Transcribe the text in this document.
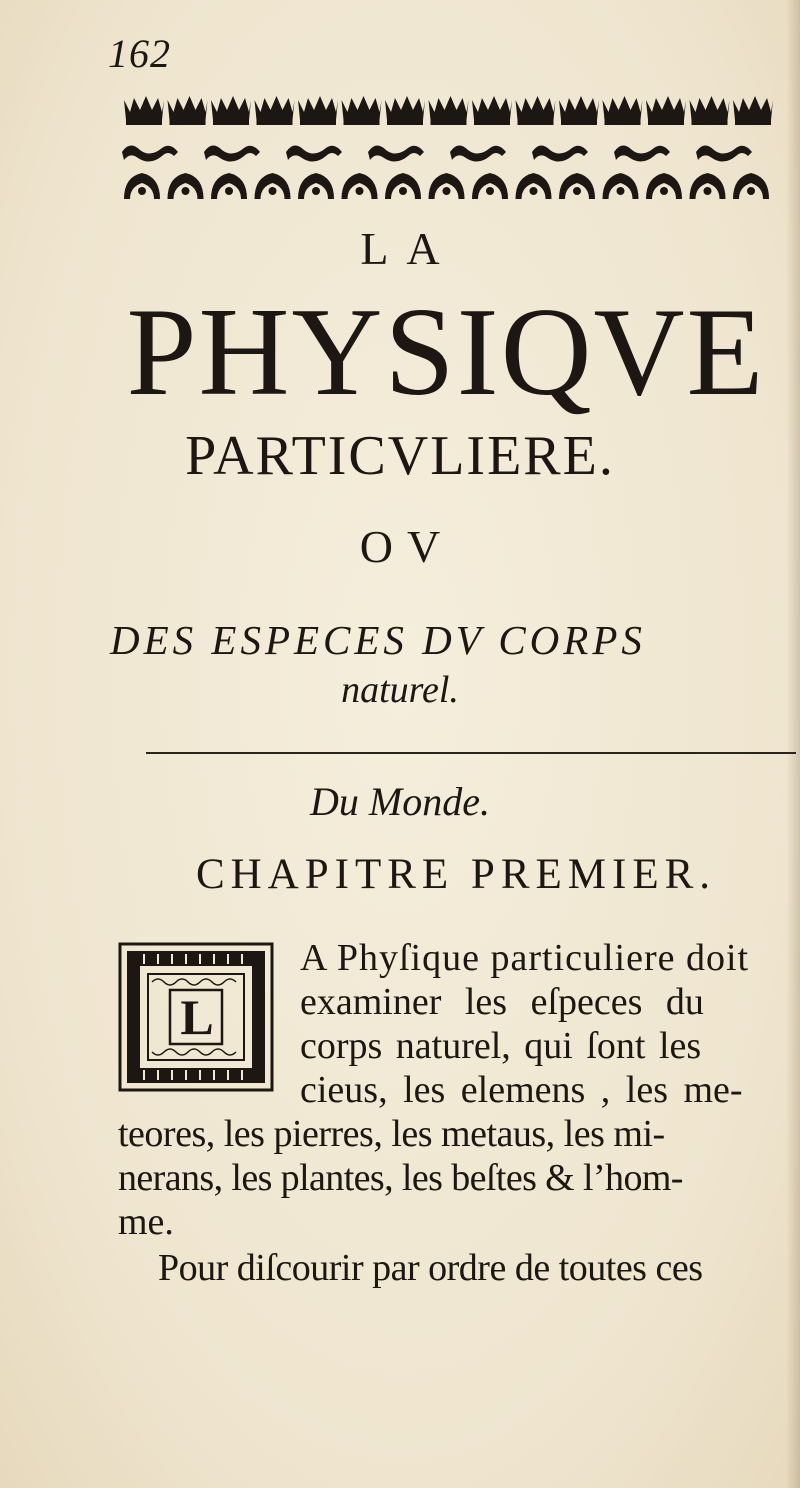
162
LA
PHYSIQVE
PARTICVLIERE.
OV
DES ESPECES DV CORPS
naturel.
Du Monde.
CHAPITRE PREMIER.
L
A Phyſique particuliere doit
examiner les eſpeces du
corps naturel, qui ſont les
cieus, les elemens , les me-
teores, les pierres, les metaus, les mi-
nerans, les plantes, les beſtes & l’hom-
me.
Pour diſcourir par ordre de toutes ces
